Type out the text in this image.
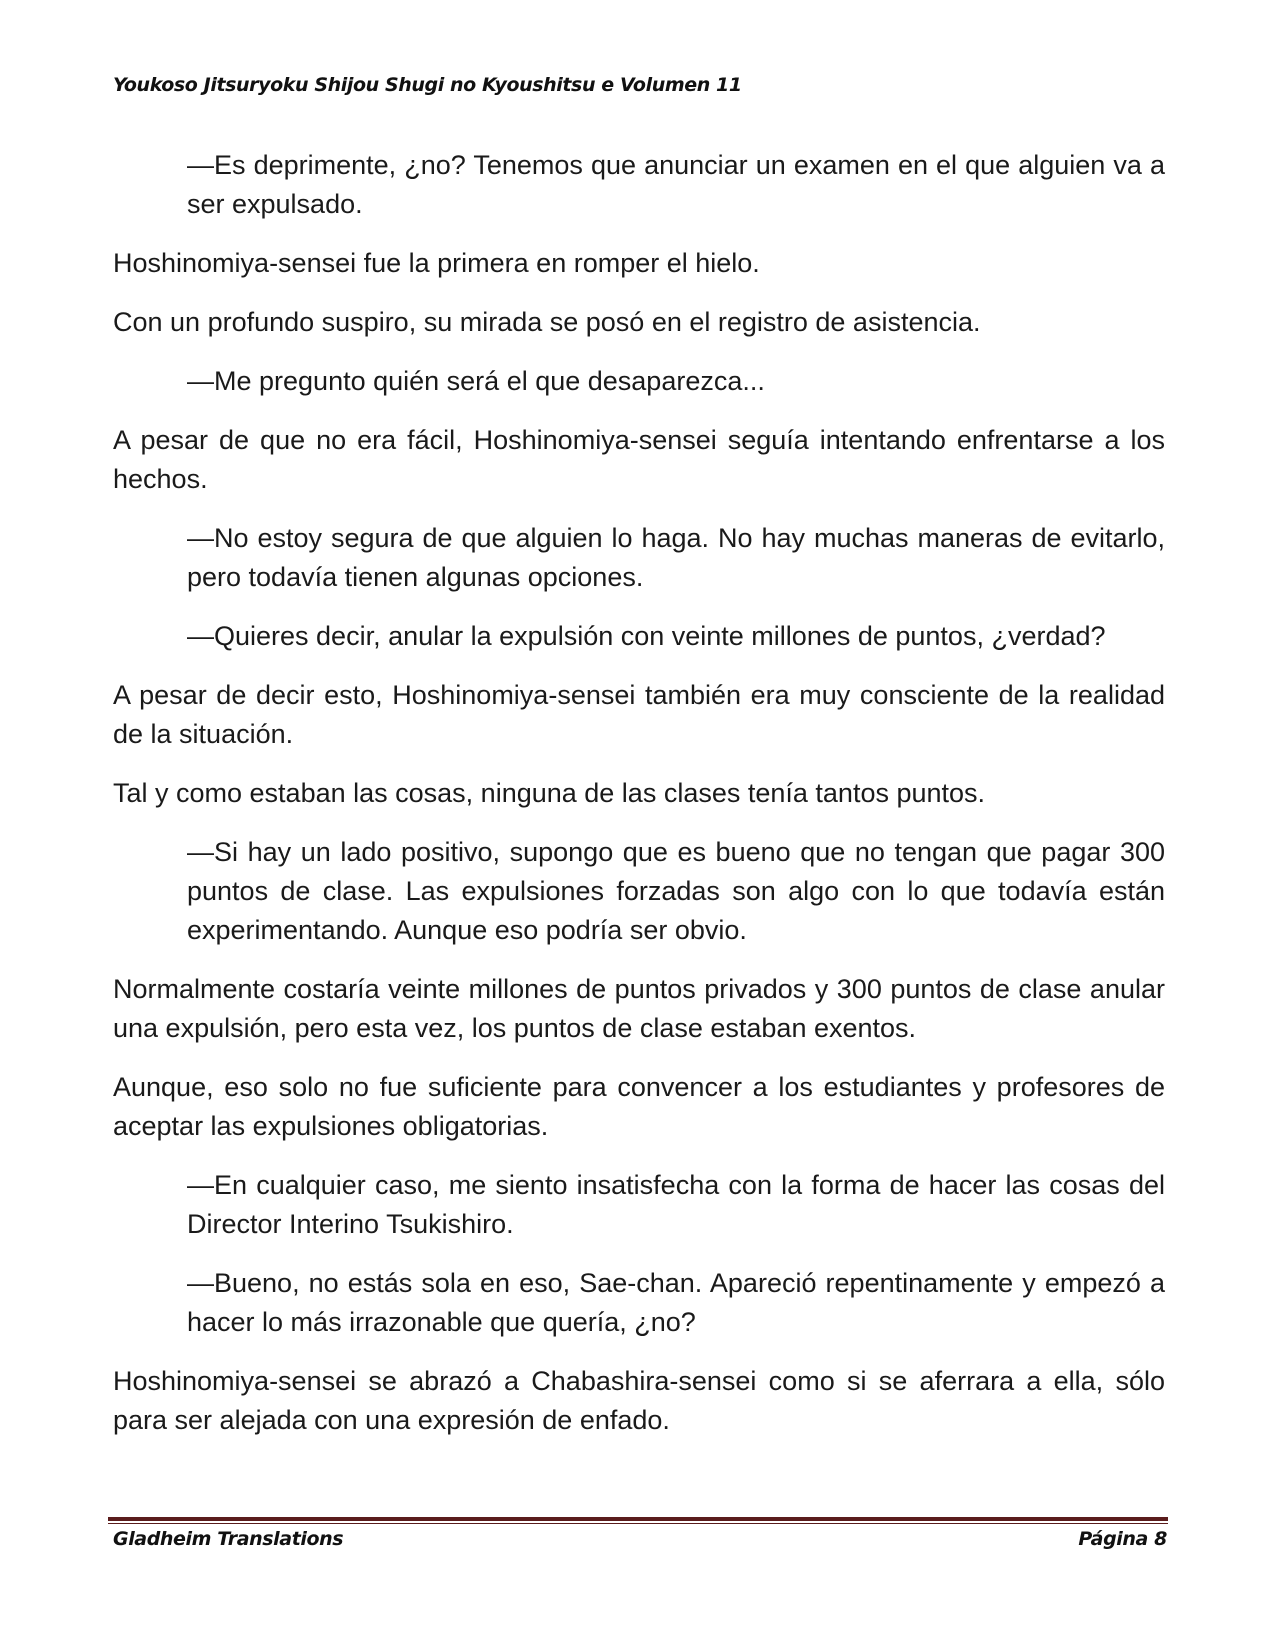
Youkoso Jitsuryoku Shijou Shugi no Kyoushitsu e Volumen 11

—Es deprimente, ¿no? Tenemos que anunciar un examen en el que alguien va a ser expulsado.

Hoshinomiya-sensei fue la primera en romper el hielo.

Con un profundo suspiro, su mirada se posó en el registro de asistencia.

—Me pregunto quién será el que desaparezca...

A pesar de que no era fácil, Hoshinomiya-sensei seguía intentando enfrentarse a los hechos.

—No estoy segura de que alguien lo haga. No hay muchas maneras de evitarlo, pero todavía tienen algunas opciones.

—Quieres decir, anular la expulsión con veinte millones de puntos, ¿verdad?

A pesar de decir esto, Hoshinomiya-sensei también era muy consciente de la realidad de la situación.

Tal y como estaban las cosas, ninguna de las clases tenía tantos puntos.

—Si hay un lado positivo, supongo que es bueno que no tengan que pagar 300 puntos de clase. Las expulsiones forzadas son algo con lo que todavía están experimentando. Aunque eso podría ser obvio.

Normalmente costaría veinte millones de puntos privados y 300 puntos de clase anular una expulsión, pero esta vez, los puntos de clase estaban exentos.

Aunque, eso solo no fue suficiente para convencer a los estudiantes y profesores de aceptar las expulsiones obligatorias.

—En cualquier caso, me siento insatisfecha con la forma de hacer las cosas del Director Interino Tsukishiro.

—Bueno, no estás sola en eso, Sae-chan. Apareció repentinamente y empezó a hacer lo más irrazonable que quería, ¿no?

Hoshinomiya-sensei se abrazó a Chabashira-sensei como si se aferrara a ella, sólo para ser alejada con una expresión de enfado.

Gladheim Translations	Página 8
